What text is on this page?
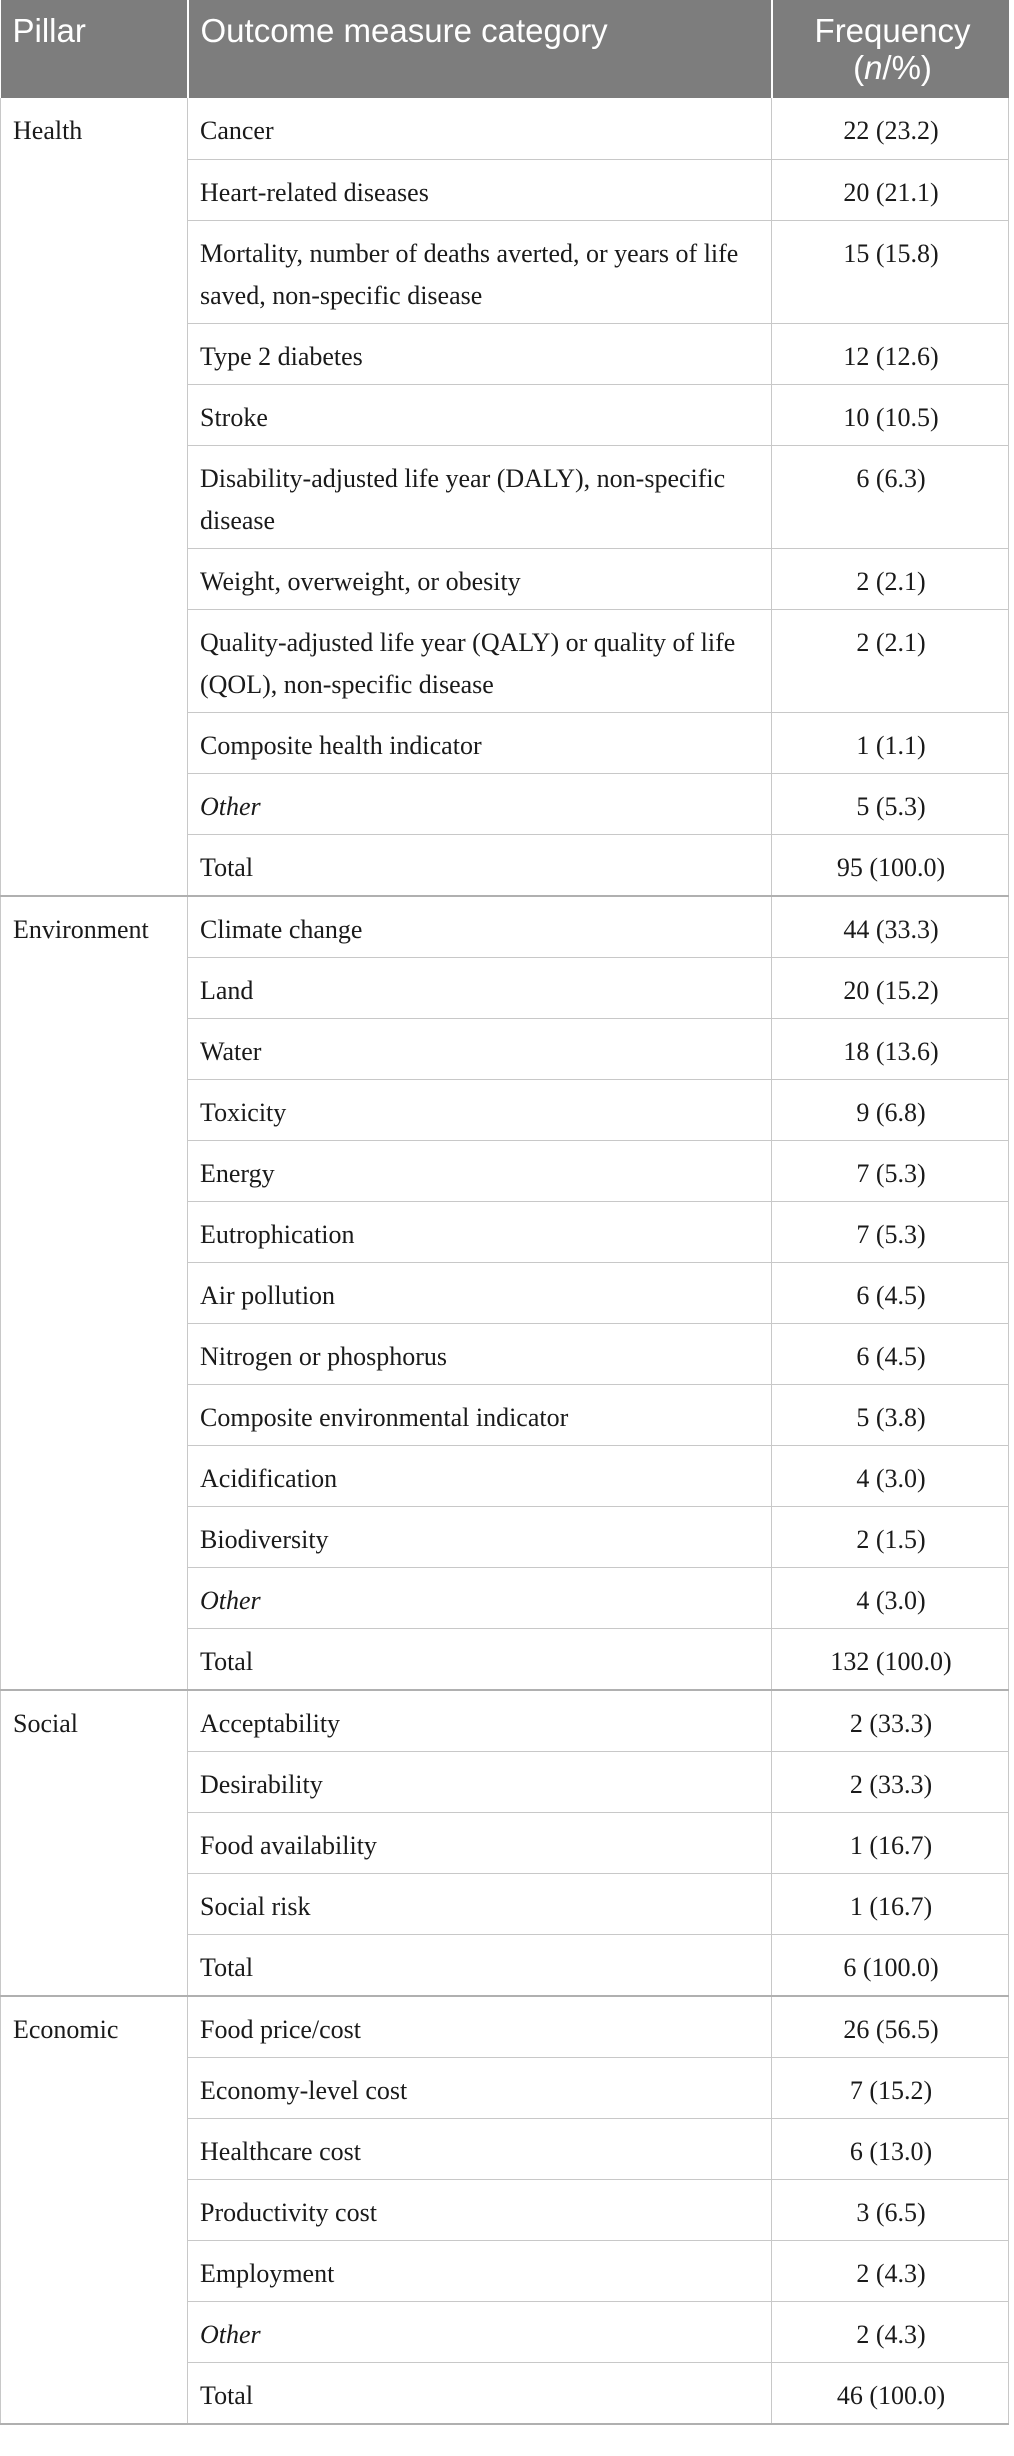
Pillar	Outcome measure category	Frequency
(n/%)
Health	Cancer	22 (23.2)
	Heart-related diseases	20 (21.1)
	Mortality, number of deaths averted, or years of life saved, non-specific disease	15 (15.8)
	Type 2 diabetes	12 (12.6)
	Stroke	10 (10.5)
	Disability-adjusted life year (DALY), non-specific disease	6 (6.3)
	Weight, overweight, or obesity	2 (2.1)
	Quality-adjusted life year (QALY) or quality of life (QOL), non-specific disease	2 (2.1)
	Composite health indicator	1 (1.1)
	Other	5 (5.3)
	Total	95 (100.0)
Environment	Climate change	44 (33.3)
	Land	20 (15.2)
	Water	18 (13.6)
	Toxicity	9 (6.8)
	Energy	7 (5.3)
	Eutrophication	7 (5.3)
	Air pollution	6 (4.5)
	Nitrogen or phosphorus	6 (4.5)
	Composite environmental indicator	5 (3.8)
	Acidification	4 (3.0)
	Biodiversity	2 (1.5)
	Other	4 (3.0)
	Total	132 (100.0)
Social	Acceptability	2 (33.3)
	Desirability	2 (33.3)
	Food availability	1 (16.7)
	Social risk	1 (16.7)
	Total	6 (100.0)
Economic	Food price/cost	26 (56.5)
	Economy-level cost	7 (15.2)
	Healthcare cost	6 (13.0)
	Productivity cost	3 (6.5)
	Employment	2 (4.3)
	Other	2 (4.3)
	Total	46 (100.0)
